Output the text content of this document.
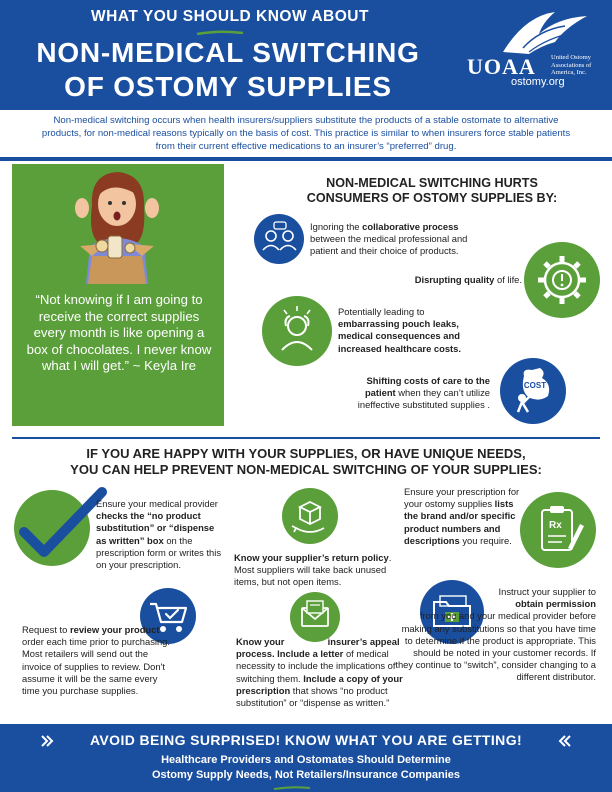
WHAT YOU SHOULD KNOW ABOUT
NON-MEDICAL SWITCHING
OF OSTOMY SUPPLIES
UOAA United Ostomy Associations of America, Inc.
ostomy.org
Non-medical switching occurs when health insurers/suppliers substitute the products of a stable ostomate to alternative products, for non-medical reasons typically on the basis of cost. This practice is similar to when insurers force stable patients from their current effective medications to an insurer’s “preferred” drug.
“Not knowing if I am going to receive the correct supplies every month is like opening a box of chocolates. I never know what I will get.” ~ Keyla Ire
NON-MEDICAL SWITCHING HURTS
CONSUMERS OF OSTOMY SUPPLIES BY:
Ignoring the collaborative process between the medical professional and patient and their choice of products.
Disrupting quality of life.
Potentially leading to embarrassing pouch leaks, medical consequences and increased healthcare costs.
Shifting costs of care to the patient when they can’t utilize ineffective substituted supplies .
COST
IF YOU ARE HAPPY WITH YOUR SUPPLIES, OR HAVE UNIQUE NEEDS,
YOU CAN HELP PREVENT NON-MEDICAL SWITCHING OF YOUR SUPPLIES:
Ensure your medical provider checks the “no product substitution” or “dispense as written” box on the prescription form or writes this on your prescription.
Know your supplier’s return policy. Most suppliers will take back unused items, but not open items.
Ensure your prescription for your ostomy supplies lists the brand and/or specific product numbers and descriptions you require.
Rx
Request to review your product order each time prior to purchasing. Most retailers will send out the invoice of supplies to review. Don't assume it will be the same every time you purchase supplies.
Know your	insurer’s appeal process. Include a letter of medical necessity to include the implications of switching them. Include a copy of your prescription that shows “no product substitution” or “dispense as written.”
Instruct your supplier to obtain permission
from you and your medical provider before making any substitutions so that you have time to determine if the product is appropriate. This should be noted in your customer records. If they continue to “switch”, consider changing to a different distributor.
AVOID BEING SURPRISED! KNOW WHAT YOU ARE GETTING!
Healthcare Providers and Ostomates Should Determine
Ostomy Supply Needs, Not Retailers/Insurance Companies
